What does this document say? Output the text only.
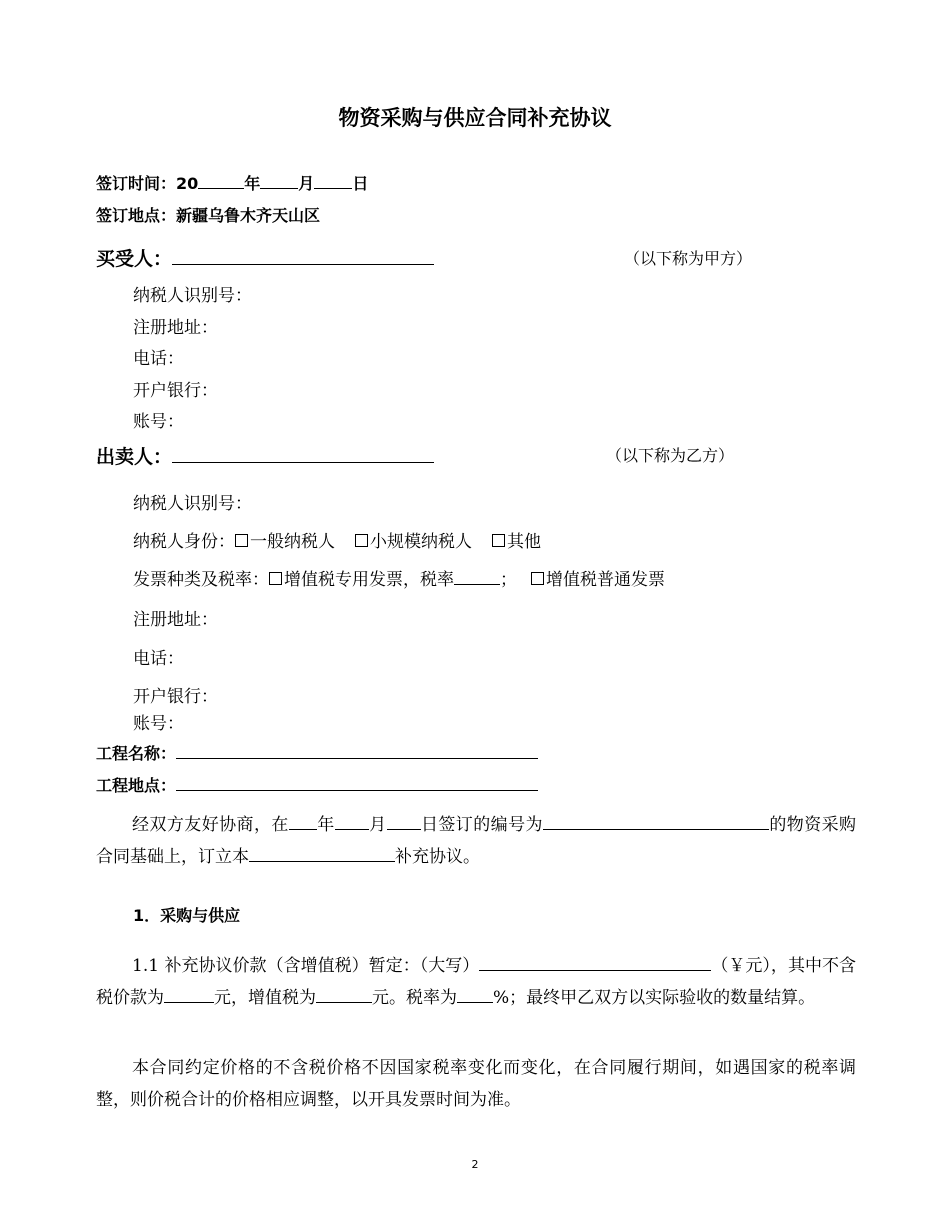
物资采购与供应合同补充协议
签订时间：20	年 月 日
签订地点：新疆乌鲁木齐天山区
买受人：	（以下称为甲方）
纳税人识别号：
注册地址：
电话：
开户银行：
账号：
出卖人：	（以下称为乙方）
纳税人识别号：
纳税人身份： 一般纳税人 小规模纳税人 其他
发票种类及税率： 增值税专用发票，税率	； 增值税普通发票
注册地址：
电话：
开户银行：
账号：
工程名称：
工程地点：
经双方友好协商，在 年 月 日签订的编号为	的物资采购合同基础上，订立本	补充协议。
1．采购与供应
1.1 补充协议价款（含增值税）暂定：（大写）	（￥元），其中不含税价款为	元，增值税为	元。税率为 %；最终甲乙双方以实际验收的数量结算。
本合同约定价格的不含税价格不因国家税率变化而变化，在合同履行期间，如遇国家的税率调整，则价税合计的价格相应调整，以开具发票时间为准。
2
